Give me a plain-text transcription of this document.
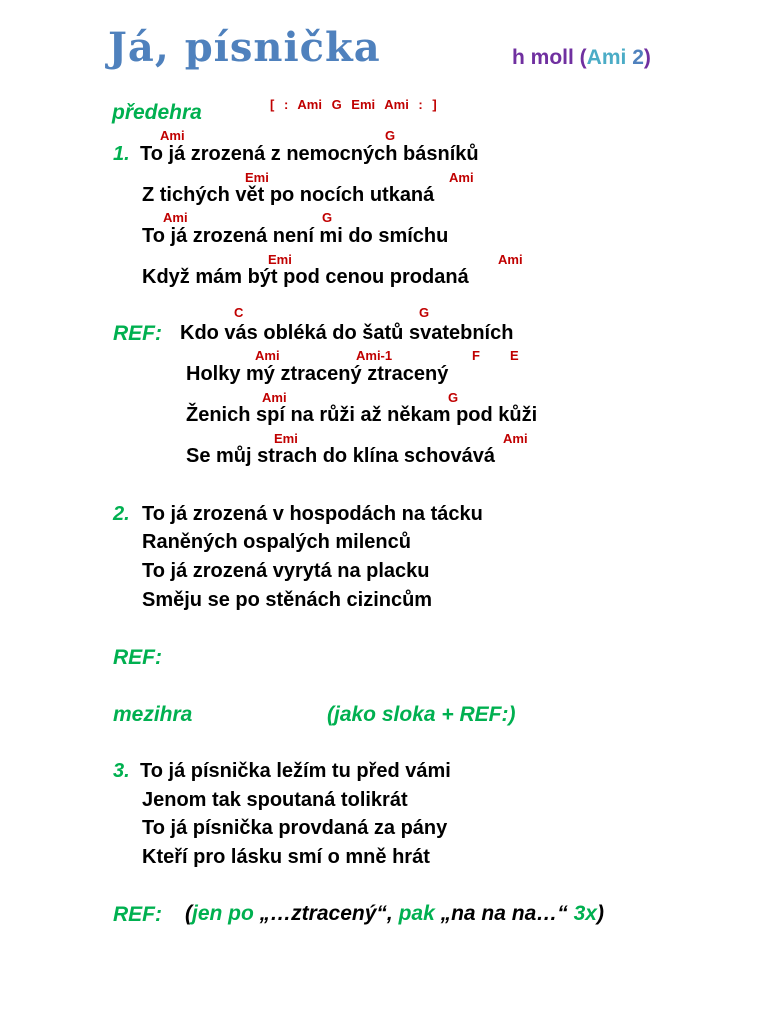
Já, písnička	h moll (Ami 2)
předehra	[ : Ami G Emi Ami : ]
Ami	G
1. To já zrozená z nemocných básníků
Emi	Ami
Z tichých vět po nocích utkaná
Ami	G
To já zrozená není mi do smíchu
Emi	Ami
Když mám být pod cenou prodaná
C	G
REF: Kdo vás obléká do šatů svatebních
Ami	Ami-1	F E
Holky mý ztracený ztracený
Ami	G
Ženich spí na růži až někam pod kůži
Emi	Ami
Se můj strach do klína schovává
2. To já zrozená v hospodách na tácku
Raněných ospalých milenců
To já zrozená vyrytá na placku
Směju se po stěnách cizincům
REF:
mezihra	(jako sloka + REF:)
3. To já písnička ležím tu před vámi
Jenom tak spoutaná tolikrát
To já písnička provdaná za pány
Kteří pro lásku smí o mně hrát
REF: (jen po „…ztracený“, pak „na na na…“ 3x)
